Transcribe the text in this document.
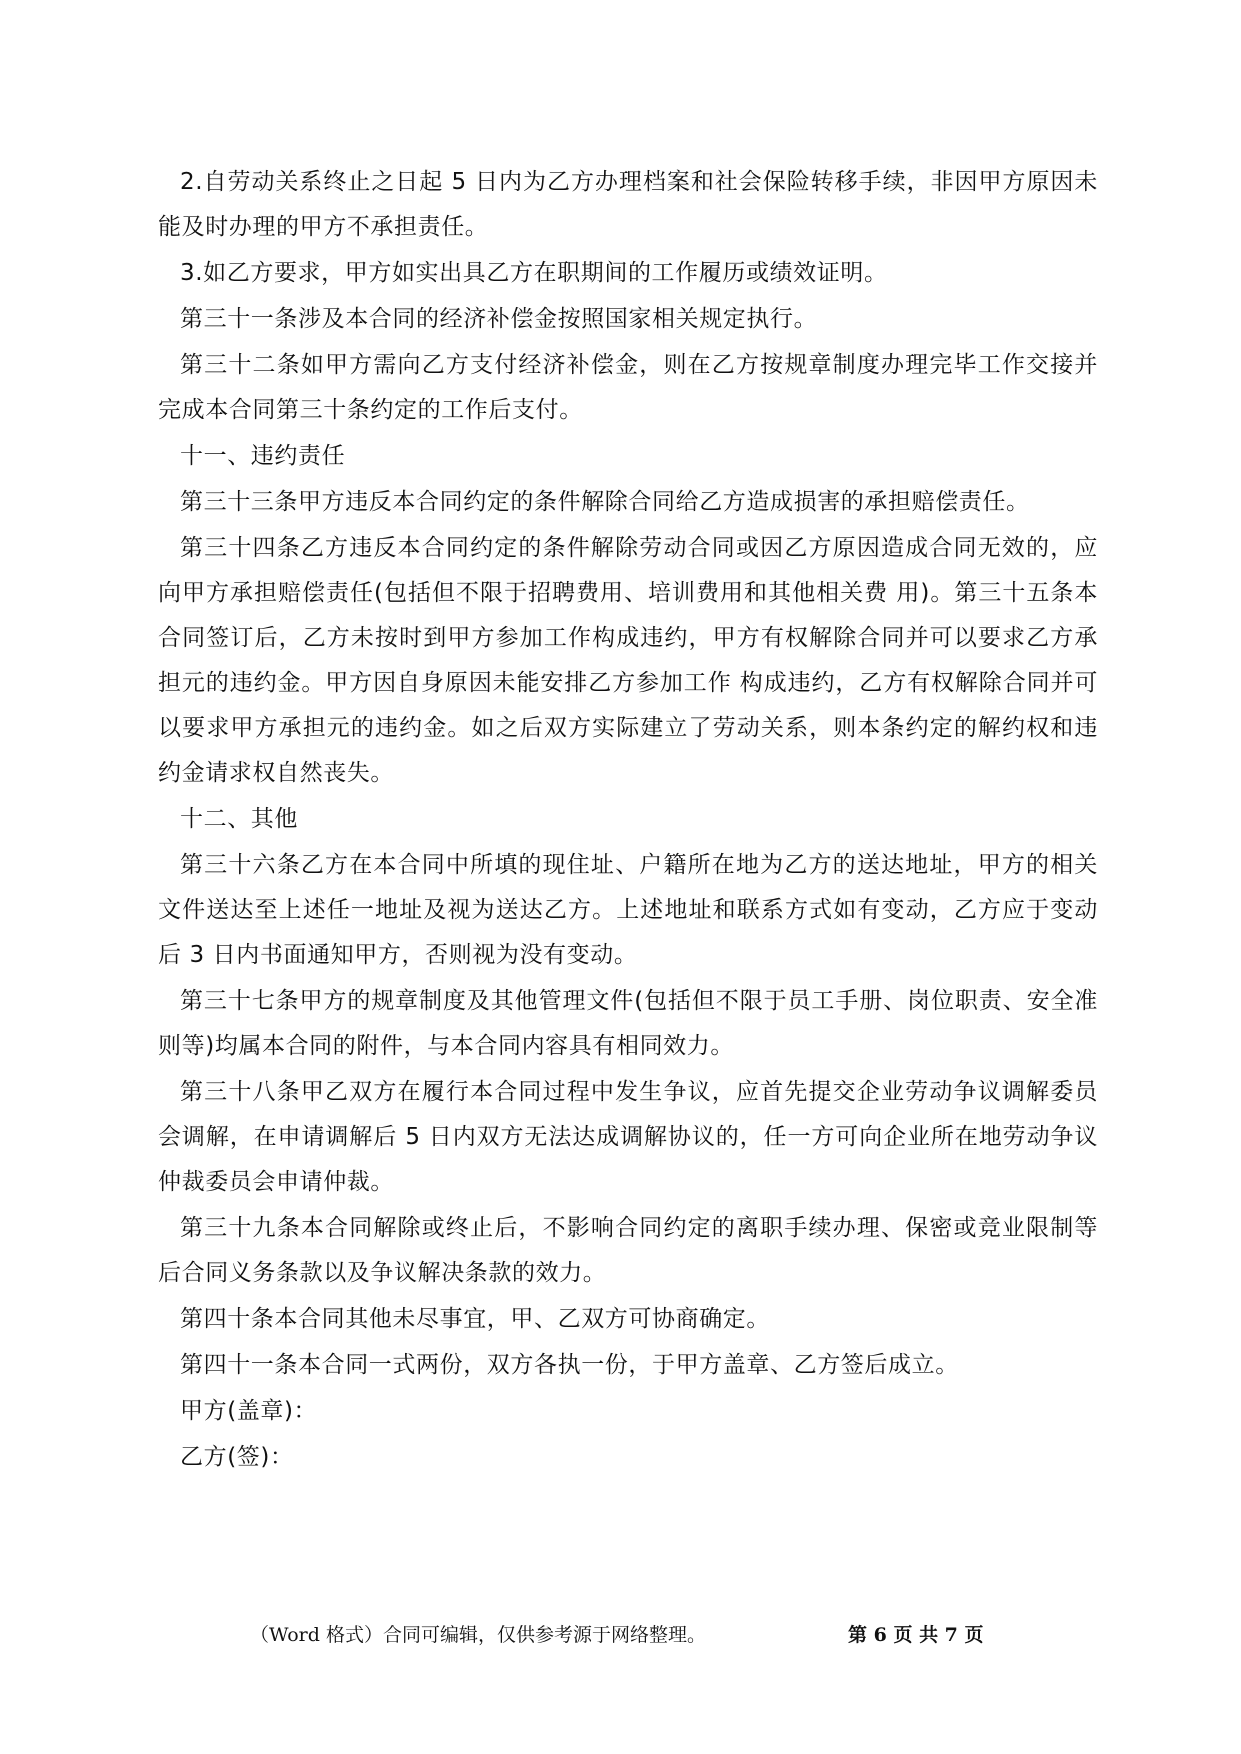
2.自劳动关系终止之日起 5 日内为乙方办理档案和社会保险转移手续，非因甲方原因未能及时办理的甲方不承担责任。

3.如乙方要求，甲方如实出具乙方在职期间的工作履历或绩效证明。

第三十一条涉及本合同的经济补偿金按照国家相关规定执行。

第三十二条如甲方需向乙方支付经济补偿金，则在乙方按规章制度办理完毕工作交接并完成本合同第三十条约定的工作后支付。

十一、违约责任

第三十三条甲方违反本合同约定的条件解除合同给乙方造成损害的承担赔偿责任。

第三十四条乙方违反本合同约定的条件解除劳动合同或因乙方原因造成合同无效的，应向甲方承担赔偿责任(包括但不限于招聘费用、培训费用和其他相关费 用)。第三十五条本合同签订后，乙方未按时到甲方参加工作构成违约，甲方有权解除合同并可以要求乙方承担元的违约金。甲方因自身原因未能安排乙方参加工作 构成违约，乙方有权解除合同并可以要求甲方承担元的违约金。如之后双方实际建立了劳动关系，则本条约定的解约权和违约金请求权自然丧失。

十二、其他

第三十六条乙方在本合同中所填的现住址、户籍所在地为乙方的送达地址，甲方的相关文件送达至上述任一地址及视为送达乙方。上述地址和联系方式如有变动，乙方应于变动后 3 日内书面通知甲方，否则视为没有变动。

第三十七条甲方的规章制度及其他管理文件(包括但不限于员工手册、岗位职责、安全准则等)均属本合同的附件，与本合同内容具有相同效力。

第三十八条甲乙双方在履行本合同过程中发生争议，应首先提交企业劳动争议调解委员会调解，在申请调解后 5 日内双方无法达成调解协议的，任一方可向企业所在地劳动争议仲裁委员会申请仲裁。

第三十九条本合同解除或终止后，不影响合同约定的离职手续办理、保密或竞业限制等后合同义务条款以及争议解决条款的效力。

第四十条本合同其他未尽事宜，甲、乙双方可协商确定。

第四十一条本合同一式两份，双方各执一份，于甲方盖章、乙方签后成立。

甲方(盖章)：

乙方(签)：

（Word 格式）合同可编辑，仅供参考源于网络整理。	第 6 页 共 7 页
